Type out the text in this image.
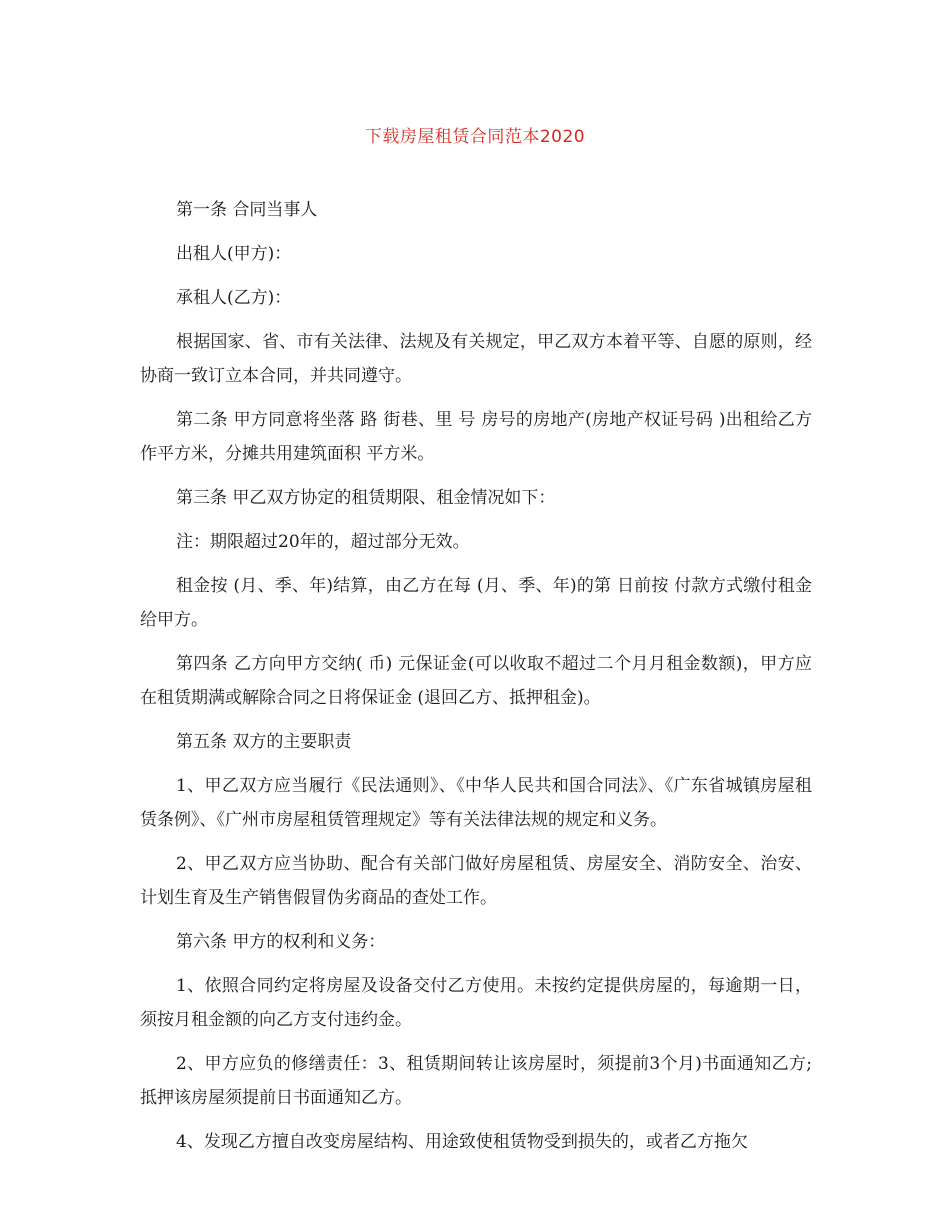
下载房屋租赁合同范本2020

第一条 合同当事人

出租人(甲方)：

承租人(乙方)：

根据国家、省、市有关法律、法规及有关规定，甲乙双方本着平等、自愿的原则，经协商一致订立本合同，并共同遵守。

第二条 甲方同意将坐落 路 街巷、里 号 房号的房地产(房地产权证号码 )出租给乙方作平方米，分摊共用建筑面积 平方米。

第三条 甲乙双方协定的租赁期限、租金情况如下：

注：期限超过20年的，超过部分无效。

租金按 (月、季、年)结算，由乙方在每 (月、季、年)的第 日前按 付款方式缴付租金给甲方。

第四条 乙方向甲方交纳( 币) 元保证金(可以收取不超过二个月月租金数额)，甲方应在租赁期满或解除合同之日将保证金 (退回乙方、抵押租金)。

第五条 双方的主要职责

1、甲乙双方应当履行《民法通则》、《中华人民共和国合同法》、《广东省城镇房屋租赁条例》、《广州市房屋租赁管理规定》等有关法律法规的规定和义务。

2、甲乙双方应当协助、配合有关部门做好房屋租赁、房屋安全、消防安全、治安、计划生育及生产销售假冒伪劣商品的查处工作。

第六条 甲方的权利和义务：

1、依照合同约定将房屋及设备交付乙方使用。未按约定提供房屋的，每逾期一日，须按月租金额的向乙方支付违约金。

2、甲方应负的修缮责任：3、租赁期间转让该房屋时，须提前3个月)书面通知乙方;抵押该房屋须提前日书面通知乙方。

4、发现乙方擅自改变房屋结构、用途致使租赁物受到损失的，或者乙方拖欠
